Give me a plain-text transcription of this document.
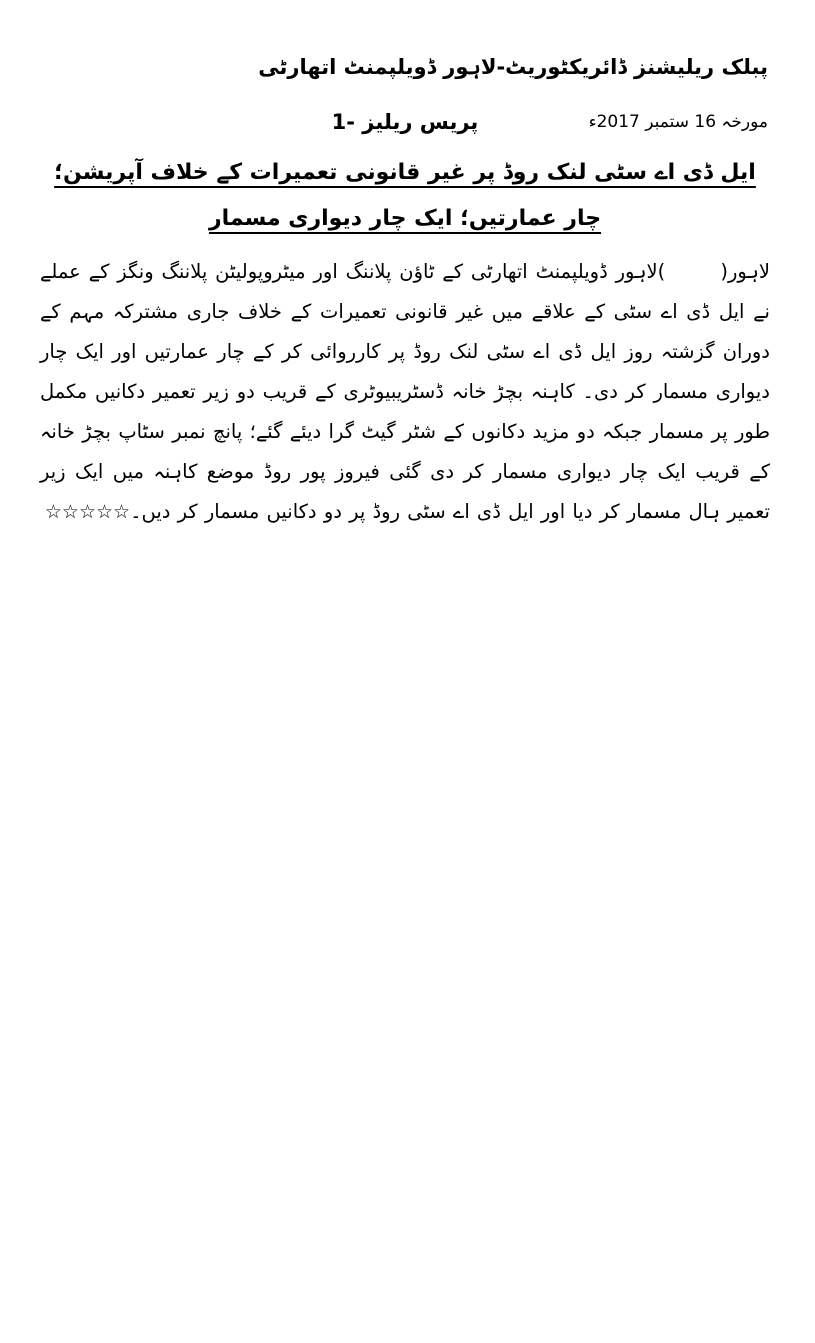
پبلک ریلیشنز ڈائریکٹوریٹ-لاہور ڈویلپمنٹ اتھارٹی
پریس ریلیز -1	مورخہ 16 ستمبر 2017ء
ایل ڈی اے سٹی لنک روڈ پر غیر قانونی تعمیرات کے خلاف آپریشن؛ چار عمارتیں؛ ایک چار دیواری مسمار

لاہور(       )لاہور ڈویلپمنٹ اتھارٹی کے ٹاؤن پلاننگ اور میٹروپولیٹن پلاننگ ونگز کے عملے نے ایل ڈی اے سٹی کے علاقے میں غیر قانونی تعمیرات کے خلاف جاری مشترکہ مہم کے دوران گزشتہ روز ایل ڈی اے سٹی لنک روڈ پر کارروائی کر کے چار عمارتیں اور ایک چار دیواری مسمار کر دی۔ کاہنہ بچڑ خانہ ڈسٹریبیوٹری کے قریب دو زیر تعمیر دکانیں مکمل طور پر مسمار جبکہ دو مزید دکانوں کے شٹر گیٹ گرا دیئے گئے؛ پانچ نمبر سٹاپ بچڑ خانہ کے قریب ایک چار دیواری مسمار کر دی گئی فیروز پور روڈ موضع کاہنہ میں ایک زیر تعمیر ہال مسمار کر دیا اور ایل ڈی اے سٹی روڈ پر دو دکانیں مسمار کر دیں۔☆☆☆☆☆
